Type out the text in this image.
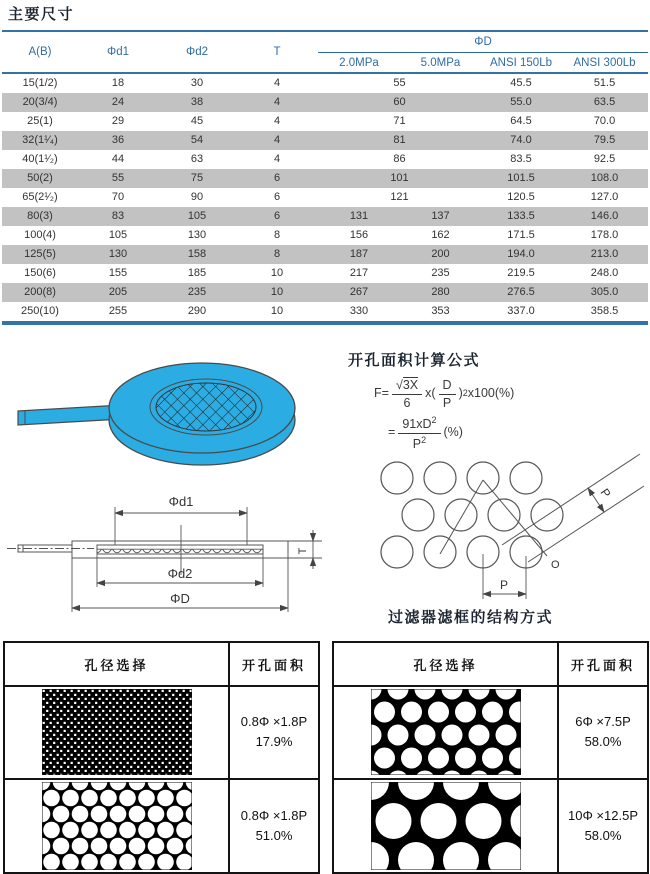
主要尺寸
A(B)	Φd1	Φd2	T	ΦD			
				2.0MPa	5.0MPa	ANSI 150Lb	ANSI 300Lb
15(1/2)	18	30	4	55		45.5	51.5
20(3/4)	24	38	4	60		55.0	63.5
25(1)	29	45	4	71		64.5	70.0
32(1¹⁄₄)	36	54	4	81		74.0	79.5
40(1¹⁄₂)	44	63	4	86		83.5	92.5
50(2)	55	75	6	101		101.5	108.0
65(2¹⁄₂)	70	90	6	121		120.5	127.0
80(3)	83	105	6	131	137	133.5	146.0
100(4)	105	130	8	156	162	171.5	178.0
125(5)	130	158	8	187	200	194.0	213.0
150(6)	155	185	10	217	235	219.5	248.0
200(8)	205	235	10	267	280	276.5	305.0
250(10)	255	290	10	330	353	337.0	358.5
开孔面积计算公式
$F= \frac{√3X}{6} x( \frac{D}{P}$ ) 2 x100(%)
= $\frac{91xD^2}{P^2}$ (%)
Φd1
Φd2
ΦD
T
P
P
O
过滤器滤框的结构方式
孔径选择	开孔面积
0.8Φ ×1.8P
17.9%
0.8Φ ×1.8P
51.0%
孔径选择	开孔面积
6Φ ×7.5P
58.0%
10Φ ×12.5P
58.0%
